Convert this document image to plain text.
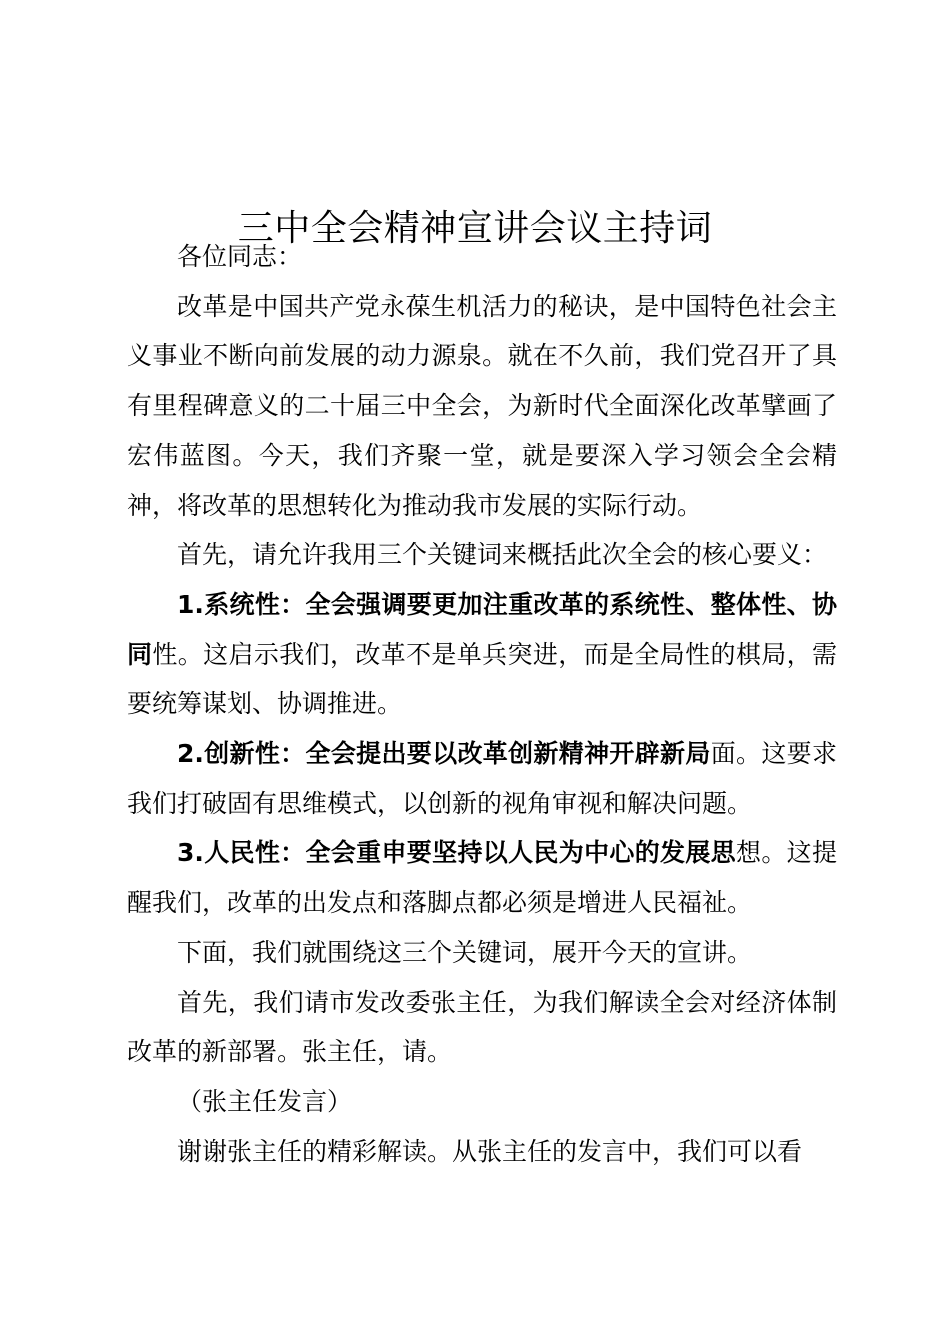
三中全会精神宣讲会议主持词

各位同志：

改革是中国共产党永葆生机活力的秘诀，是中国特色社会主义事业不断向前发展的动力源泉。就在不久前，我们党召开了具有里程碑意义的二十届三中全会，为新时代全面深化改革擘画了宏伟蓝图。今天，我们齐聚一堂，就是要深入学习领会全会精神，将改革的思想转化为推动我市发展的实际行动。

首先，请允许我用三个关键词来概括此次全会的核心要义：

1.系统性：全会强调要更加注重改革的系统性、整体性、协同性。这启示我们，改革不是单兵突进，而是全局性的棋局，需要统筹谋划、协调推进。

2.创新性：全会提出要以改革创新精神开辟新局面。这要求我们打破固有思维模式，以创新的视角审视和解决问题。

3.人民性：全会重申要坚持以人民为中心的发展思想。这提醒我们，改革的出发点和落脚点都必须是增进人民福祉。

下面，我们就围绕这三个关键词，展开今天的宣讲。

首先，我们请市发改委张主任，为我们解读全会对经济体制改革的新部署。张主任，请。

（张主任发言）

谢谢张主任的精彩解读。从张主任的发言中，我们可以看
